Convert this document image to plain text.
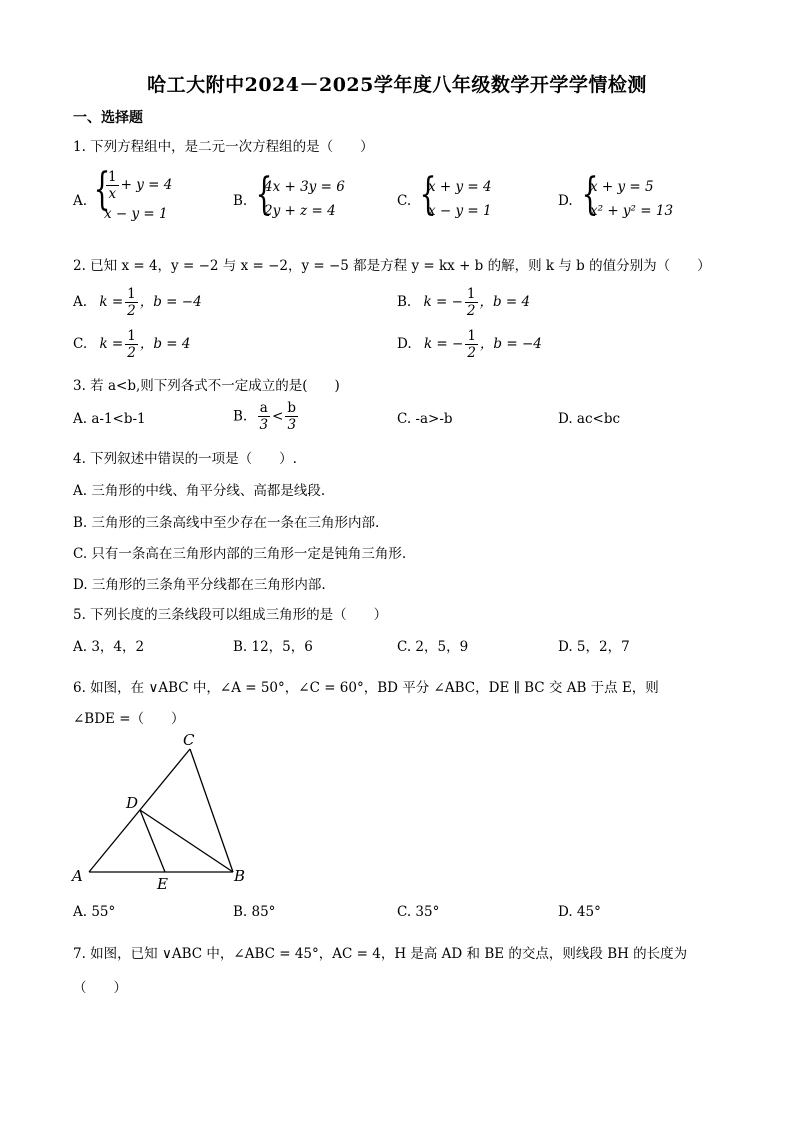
哈工大附中2024－2025学年度八年级数学开学学情检测
一、选择题
1. 下列方程组中，是二元一次方程组的是（　　）
A. {
$\frac{1}{x} + y = 4$
x − y = 1
B. {
4x + 3y = 6
2y + z = 4
C. {
x + y = 4
x − y = 1
D. {
x + y = 5
x² + y² = 13
2. 已知 x = 4，y = −2 与 x = −2，y = −5 都是方程 y = kx + b 的解，则 k 与 b 的值分别为（　　）
A. $k = \frac{1}{2}$ ，b = −4	B. k = − $\frac{1}{2}$ ，b = 4
C. $k = \frac{1}{2}$ ，b = 4	D. k = − $\frac{1}{2}$ ，b = −4
3. 若 a<b,则下列各式不一定成立的是(　　)
A. a-1<b-1	B. $\frac{a}{3} < \frac{b}{3}$	C. -a>-b	D. ac<bc
4. 下列叙述中错误的一项是（　　）.
A. 三角形的中线、角平分线、高都是线段.
B. 三角形的三条高线中至少存在一条在三角形内部.
C. 只有一条高在三角形内部的三角形一定是钝角三角形.
D. 三角形的三条角平分线都在三角形内部.
5. 下列长度的三条线段可以组成三角形的是（　　）
A. 3，4，2	B. 12，5，6	C. 2，5，9	D. 5，2，7
6. 如图，在 ∨ABC 中，∠A = 50°，∠C = 60°，BD 平分 ∠ABC，DE ∥ BC 交 AB 于点 E，则
∠BDE =（　　）
C
D
A	B
E
A. 55°	B. 85°	C. 35°	D. 45°
7. 如图，已知 ∨ABC 中，∠ABC = 45°，AC = 4，H 是高 AD 和 BE 的交点，则线段 BH 的长度为
（　　）
